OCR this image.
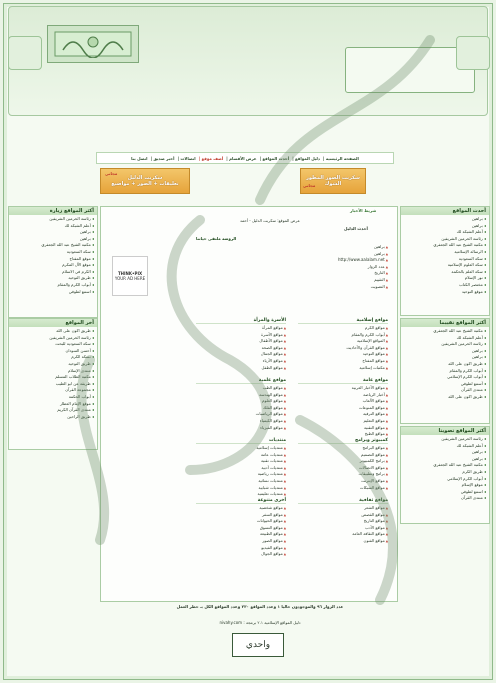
الصفحة الرئيسية |
دليل المواقع |
أحدث المواقع |
عرض الأقسام |
أضف موقع |
اتصالات |
أخبر صديق |
اتصل بنا
مجاني
سكربت الدليل
تعليقات + الصور + مواضيع	مجاني
سكربت الصور المطور
الشوك
أكثر المواقع زيارة
◂ رئاسة الحرمين الشريفين
◂ أعلم الشبكة لك
◂ براهين
◂ براهين
◂ مكتبة الشيخ عبد الله الجعفري
◂ سكة السعودية
◂ موقع المفتاح
◂ موقع الآل المكرم
◂ الكرم في الاسلام
◂ طريق التوحيد
◂ أبواب الكرم والمقام
◂ اسمع لطوفي
آخر المواقع
◂ طريق اكون على الله
◂ رئاسة الحرمين الشريفين
◂ سكة السعودية للبحث
◂ أحسن السودان
◂ نسكة الكرم
◂ طريق التوحيد
◂ منتدى الإسلام
◂ مكتبة الطلاب المسلم
◂ طريقة عن ابو الطيب
◂ مجموعة القرآن
◂ أبواب الحكمة
◂ موقع الإمام العطار
◂ منتدى القرآن الكريم
◂ طريق الراحين
أحدث المواقع
◂ براهين
◂ براهين
◂ أعلم الشبكة لك
◂ رئاسة الحرمين الشريفين
◂ مكتبة الشيخ عبد الله الجعفري
◂ الرسالة الإسلامية
◂ سكة السعودية
◂ سكة العلوم الإسلامية
◂ سكة العلم بالحكمة
◂ نور الإسلام
◂ مختصر الكتاب
◂ موقع التوحيد
أكثر المواقع تقييما
◂ مكتبة الشيخ عبد الله الجعفري
◂ أعلم الشبكة لك
◂ رئاسة الحرمين الشريفين
◂ براهين
◂ براهين
◂ طريق اكون على الله
◂ أبواب الكرم والمقام
◂ أبواب الكرم الإسلامي
◂ أسمع لطوفي
◂ منتدى القرآن
◂ طريق اكون على الله
أكثر المواقع تصويتا
◂ رئاسة الحرمين الشريفين
◂ أعلم الشبكة لك
◂ براهين
◂ براهين
◂ مكتبة الشيخ عبد الله الجعفري
◂ طريق الكرم
◂ أبواب الكرم الإسلامي
◂ موقع الإسلام
◂ اسمع لطوفي
◂ منتدى القرآن
شريط الأخبار
عرض الموقع: سكربت الدليل - أحمد
أحدث الدليل
▲ ﺑﺮﺍﻫﻴﻦ
▲ ﺑﺮﺍﻫﻴﻦ
▲ http://www.aalalam.net
▲ عدد الزوار
▲ التاريخ
▲ التقييم
▲ التصويت
الروضة ملتقى حياتنا
THINK•PIX
YOUR AD HERE
مواقع إسلامية
▲ مواقع الكرم
▲ أبواب الكرم والمقام
▲ المواقع الإسلامية
▲ مواقع القرآن والأحاديث
▲ مواقع التوحيد
▲ مواقع المفتاح
▲ مكتبات إسلامية
مواقع عامة
▲ مواقع الأخبار العربية
▲ أخبار الرياضة
▲ مواقع الألعاب
▲ مواقع المنوعات
▲ مواقع الترفيه
▲ مواقع التعليم
▲ مواقع التقنية
▲ مواقع الطبخ
كمبيوتر وبرامج
▲ مواقع البرامج
▲ مواقع التصميم
▲ برامج الكمبيوتر
▲ مواقع الاتصالات
▲ برامج وتطبيقات
▲ مواقع الإنترنت
▲ مواقع الشبكات
مواقع ثقافية
▲ مواقع الشعر
▲ مواقع القصص
▲ مواقع التاريخ
▲ مواقع الأدب
▲ مواقع الثقافة العامة
▲ مواقع الفنون
الأسرة والمرأة
▲ مواقع المرأة
▲ مواقع الأسرة
▲ مواقع الأطفال
▲ مواقع الصحة
▲ مواقع الجمال
▲ مواقع الأزياء
▲ مواقع الطفل
مواقع علمية
▲ مواقع الطب
▲ مواقع الهندسة
▲ مواقع العلوم
▲ مواقع الفلك
▲ مواقع الرياضيات
▲ مواقع الكيمياء
▲ مواقع الفيزياء
منتديات
▲ منتديات إسلامية
▲ منتديات عامة
▲ منتديات تقنية
▲ منتديات أدبية
▲ منتديات رياضية
▲ منتديات نسائية
▲ منتديات شبابية
▲ منتديات تعليمية
أخرى متنوعة
▲ مواقع شخصية
▲ مواقع السفر
▲ مواقع الحيوانات
▲ مواقع التسوق
▲ مواقع الطبيعة
▲ مواقع الصور
▲ مواقع الفيديو
▲ مواقع الجوال
عدد الزوار ٩٦ والموجودون حاليا ١ وعدد المواقع ٢٣٠ وعدد المواقع الكل بـ حظر العمل
دليل المواقع الإسلامية ٢.١ برمجة : nivahy.com
واحدي
